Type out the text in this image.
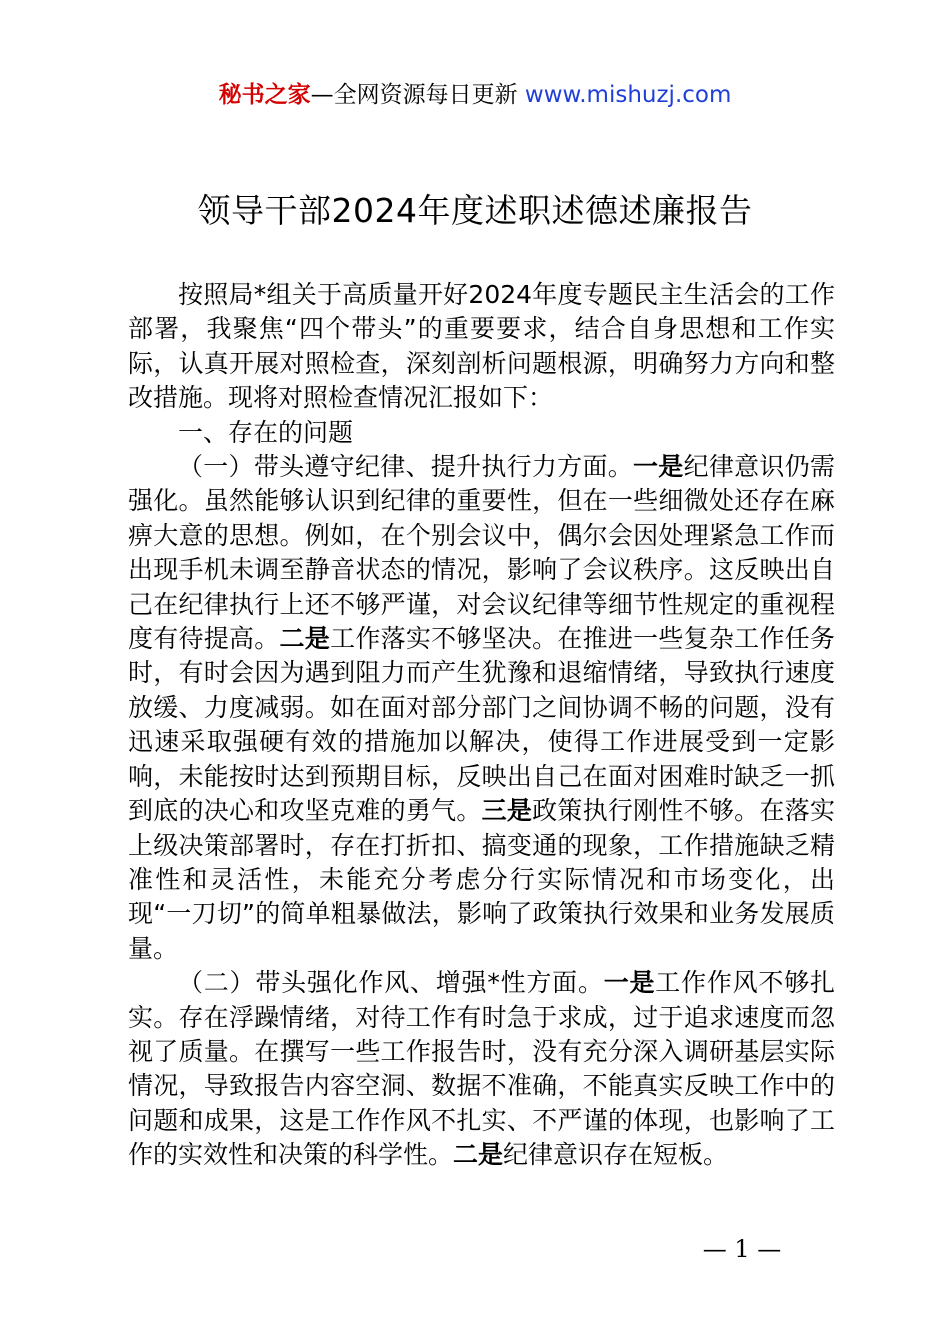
秘书之家—全网资源每日更新 www.mishuzj.com
领导干部2024年度述职述德述廉报告

按照局*组关于高质量开好2024年度专题民主生活会的工作部署，我聚焦“四个带头”的重要要求，结合自身思想和工作实际，认真开展对照检查，深刻剖析问题根源，明确努力方向和整改措施。现将对照检查情况汇报如下：

一、存在的问题

（一）带头遵守纪律、提升执行力方面。一是纪律意识仍需强化。虽然能够认识到纪律的重要性，但在一些细微处还存在麻痹大意的思想。例如，在个别会议中，偶尔会因处理紧急工作而出现手机未调至静音状态的情况，影响了会议秩序。这反映出自己在纪律执行上还不够严谨，对会议纪律等细节性规定的重视程度有待提高。二是工作落实不够坚决。在推进一些复杂工作任务时，有时会因为遇到阻力而产生犹豫和退缩情绪，导致执行速度放缓、力度减弱。如在面对部分部门之间协调不畅的问题，没有迅速采取强硬有效的措施加以解决，使得工作进展受到一定影响，未能按时达到预期目标，反映出自己在面对困难时缺乏一抓到底的决心和攻坚克难的勇气。三是政策执行刚性不够。在落实上级决策部署时，存在打折扣、搞变通的现象，工作措施缺乏精准性和灵活性，未能充分考虑分行实际情况和市场变化，出现“一刀切”的简单粗暴做法，影响了政策执行效果和业务发展质量。

（二）带头强化作风、增强*性方面。一是工作作风不够扎实。存在浮躁情绪，对待工作有时急于求成，过于追求速度而忽视了质量。在撰写一些工作报告时，没有充分深入调研基层实际情况，导致报告内容空洞、数据不准确，不能真实反映工作中的问题和成果，这是工作作风不扎实、不严谨的体现，也影响了工作的实效性和决策的科学性。二是纪律意识存在短板。

— 1 —
